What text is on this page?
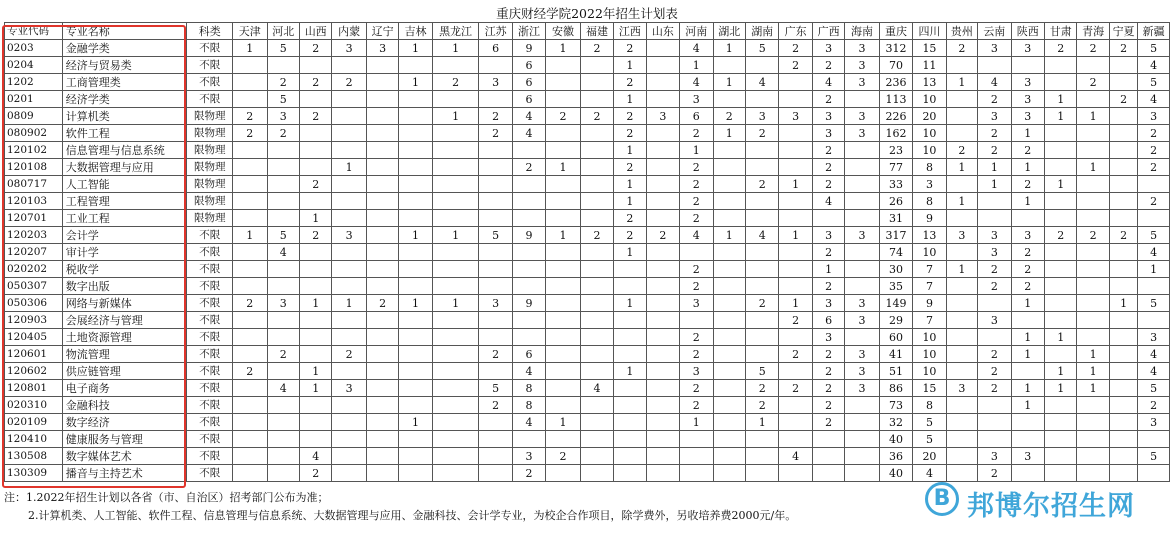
重庆财经学院2022年招生计划表																														
专业代码	专业名称	科类	天津	河北	山西	内蒙	辽宁	吉林	黑龙江	江苏	浙江	安徽	福建	江西	山东	河南	湖北	湖南	广东	广西	海南	重庆	四川	贵州	云南	陕西	甘肃	青海	宁夏	新疆
0203	金融学类	不限	1	5	2	3	3	1	1	6	9	1	2	2		4	1	5	2	3	3	312	15	2	3	3	2	2	2	5
0204	经济与贸易类	不限									6			1		1			2	2	3	70	11							4
1202	工商管理类	不限		2	2	2		1	2	3	6			2		4	1	4		4	3	236	13	1	4	3		2		5
0201	经济学类	不限		5							6			1		3				2		113	10		2	3	1		2	4
0809	计算机类	限物理	2	3	2				1	2	4	2	2	2	3	6	2	3	3	3	3	226	20		3	3	1	1		3
080902	软件工程	限物理	2	2						2	4			2		2	1	2		3	3	162	10		2	1				2
120102	信息管理与信息系统	限物理												1		1				2		23	10	2	2	2				2
120108	大数据管理与应用	限物理				1					2	1		2		2				2		77	8	1	1	1		1		2
080717	人工智能	限物理			2									1		2		2	1	2		33	3		1	2	1			
120103	工程管理	限物理												1		2				4		26	8	1		1				2
120701	工业工程	限物理			1									2		2						31	9							
120203	会计学	不限	1	5	2	3		1	1	5	9	1	2	2	2	4	1	4	1	3	3	317	13	3	3	3	2	2	2	5
120207	审计学	不限		4										1						2		74	10		3	2				4
020202	税收学	不限														2				1		30	7	1	2	2				1
050307	数字出版	不限														2				2		35	7		2	2				
050306	网络与新媒体	不限	2	3	1	1	2	1	1	3	9			1		3		2	1	3	3	149	9			1			1	5
120903	会展经济与管理	不限																	2	6	3	29	7		3					
120405	土地资源管理	不限														2				3		60	10			1	1			3
120601	物流管理	不限		2		2				2	6					2			2	2	3	41	10		2	1		1		4
120602	供应链管理	不限	2		1						4			1		3		5		2	3	51	10		2		1	1		4
120801	电子商务	不限		4	1	3				5	8		4			2		2	2	2	3	86	15	3	2	1	1	1		5
020310	金融科技	不限								2	8					2		2		2		73	8			1				2
020109	数字经济	不限						1			4	1				1		1		2		32	5							3
120410	健康服务与管理	不限																				40	5							
130508	数字媒体艺术	不限			4						3	2							4			36	20		3	3				5
130309	播音与主持艺术	不限			2						2											40	4		2					
注：1.2022年招生计划以各省（市、自治区）招考部门公布为准；
2.计算机类、人工智能、软件工程、信息管理与信息系统、大数据管理与应用、金融科技、会计学专业，为校企合作项目，除学费外，另收培养费2000元/年。
B 邦博尔招生网
